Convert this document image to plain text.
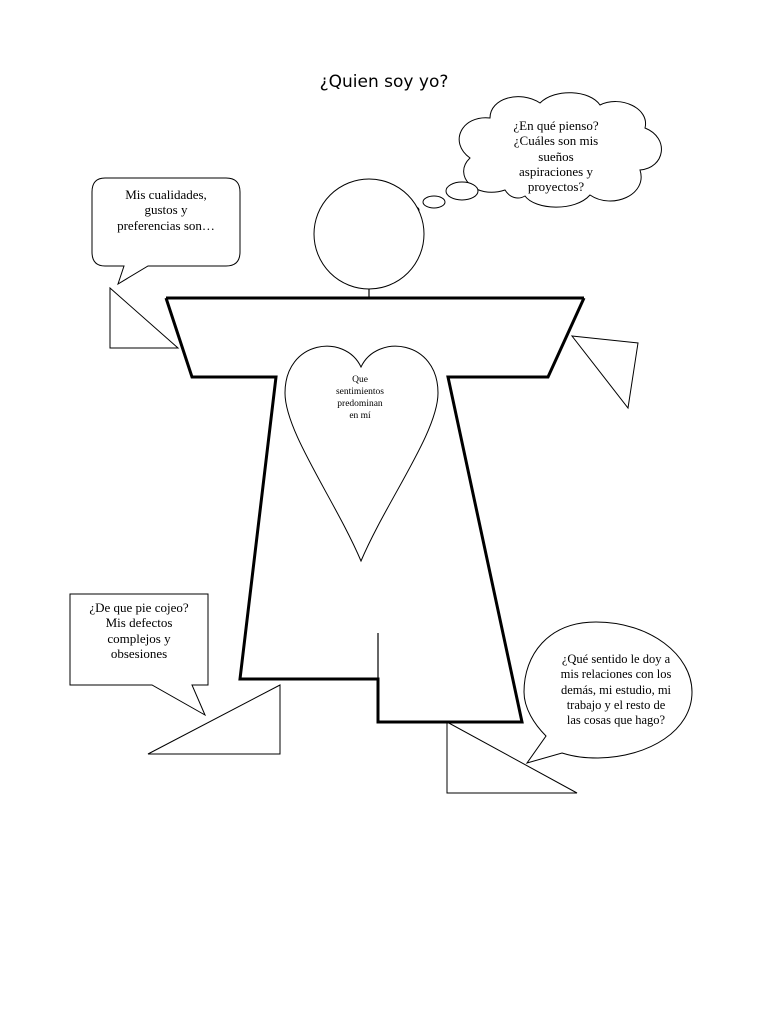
¿Quien soy yo?
¿En qué pienso?
¿Cuáles son mis
sueños
aspiraciones y
proyectos?
Mis cualidades,
gustos y
preferencias son…
Que
sentimientos
predominan
en mí
¿De que pie cojeo?
Mis defectos
complejos y
obsesiones	¿Qué sentido le doy a
mis relaciones con los
demás, mi estudio, mi
trabajo y el resto de
las cosas que hago?
